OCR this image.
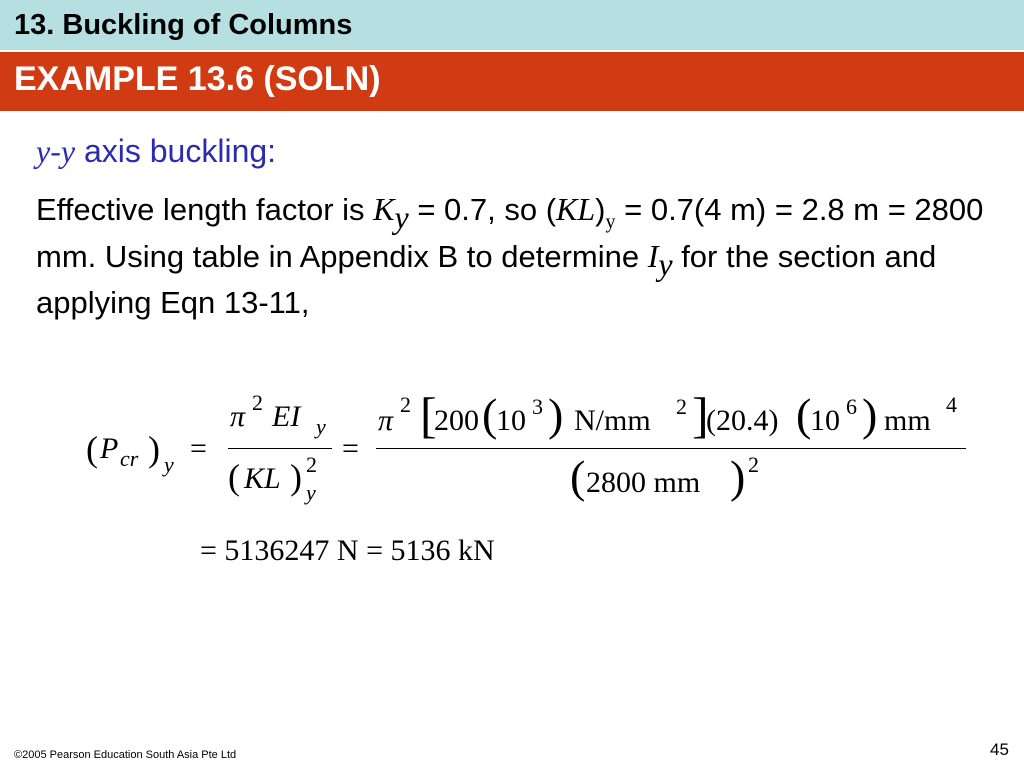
13. Buckling of Columns
EXAMPLE 13.6 (SOLN)
y-y axis buckling:
Effective length factor is $K_y = 0.7$, so $(KL)_y = 0.7(4$ m) = 2.8 m = 2800 mm. Using table in Appendix B to determine $I_y$ for the section and applying Eqn 13-11,
( P cr ) y =
π 2 EI y
( KL ) 2
y
=
π 2 [
200 (
10 3 ) N/mm 2 ]
(20.4) (
10 6 ) mm 4
( 2800 mm ) 2
= 5136247 N = 5136 kN
©2005 Pearson Education South Asia Pte Ltd	45
